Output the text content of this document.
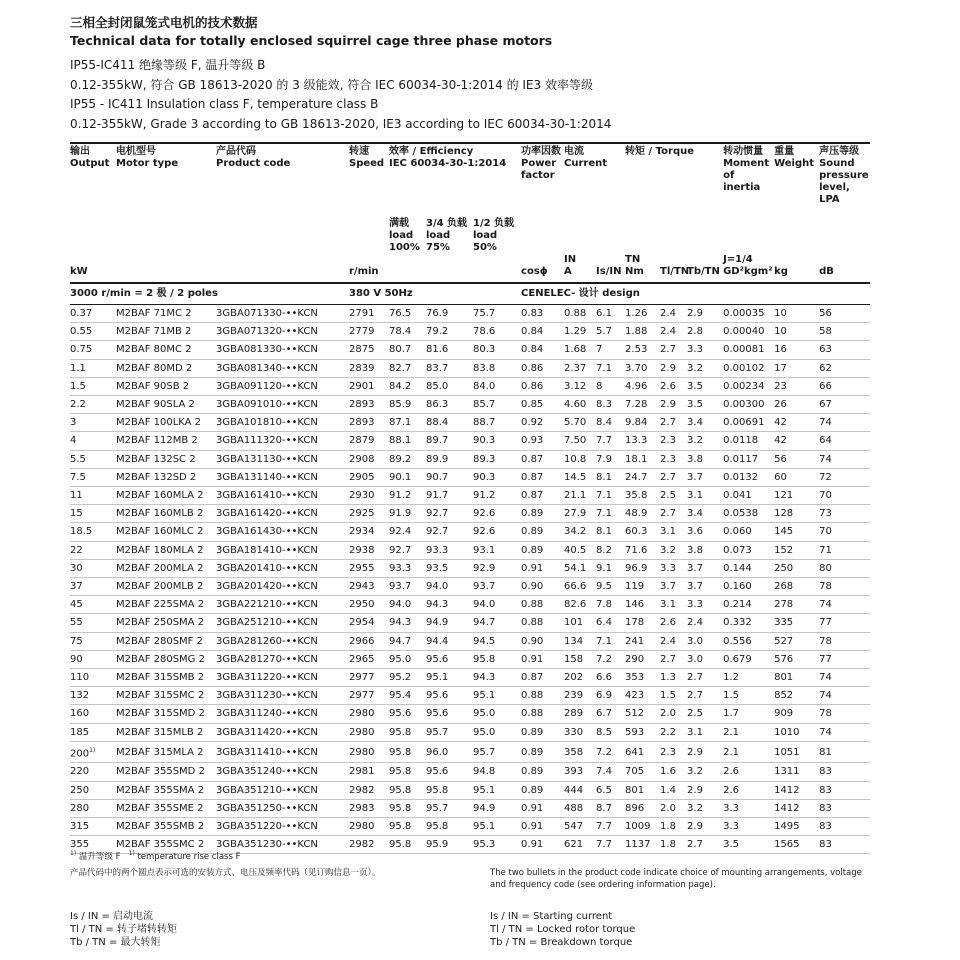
三相全封闭鼠笼式电机的技术数据

Technical data for totally enclosed squirrel cage three phase motors

IP55-IC411 绝缘等级 F, 温升等级 B

0.12-355kW, 符合 GB 18613-2020 的 3 级能效, 符合 IEC 60034-30-1:2014 的 IE3 效率等级

IP55 - IC411 Insulation class F, temperature class B

0.12-355kW, Grade 3 according to GB 18613-2020, IE3 according to IEC 60034-30-1:2014

输出
Output	电机型号
Motor type	产品代码
Product code	转速
Speed	效率 / Efficiency
IEC 60034-30-1:2014			功率因数
Power factor	电流
Current		转矩 / Torque			转动惯量
Moment of inertia	重量
Weight	声压等级
Sound pressure level, LPA
				满载 load 100%	3/4 负载 load 75%	1/2 负载 load 50%									
kW			r/min				cosϕ	IN
A	Is/IN	TN
Nm	Tl/TN	Tb/TN	J=1/4 GD²kgm²	kg	dB
3000 r/min = 2 极 / 2 poles			380 V 50Hz				CENELEC- 设计 design								
0.37	M2BAF 71MC 2	3GBA071330-••KCN	2791	76.5	76.9	75.7	0.83	0.88	6.1	1.26	2.4	2.9	0.00035	10	56
0.55	M2BAF 71MB 2	3GBA071320-••KCN	2779	78.4	79.2	78.6	0.84	1.29	5.7	1.88	2.4	2.8	0.00040	10	58
0.75	M2BAF 80MC 2	3GBA081330-••KCN	2875	80.7	81.6	80.3	0.84	1.68	7	2.53	2.7	3.3	0.00081	16	63
1.1	M2BAF 80MD 2	3GBA081340-••KCN	2839	82.7	83.7	83.8	0.86	2.37	7.1	3.70	2.9	3.2	0.00102	17	62
1.5	M2BAF 90SB 2	3GBA091120-••KCN	2901	84.2	85.0	84.0	0.86	3.12	8	4.96	2.6	3.5	0.00234	23	66
2.2	M2BAF 90SLA 2	3GBA091010-••KCN	2893	85.9	86.3	85.7	0.85	4.60	8.3	7.28	2.9	3.5	0.00300	26	67
3	M2BAF 100LKA 2	3GBA101810-••KCN	2893	87.1	88.4	88.7	0.92	5.70	8.4	9.84	2.7	3.4	0.00691	42	74
4	M2BAF 112MB 2	3GBA111320-••KCN	2879	88.1	89.7	90.3	0.93	7.50	7.7	13.3	2.3	3.2	0.0118	42	64
5.5	M2BAF 132SC 2	3GBA131130-••KCN	2908	89.2	89.9	89.3	0.87	10.8	7.9	18.1	2.3	3.8	0.0117	56	74
7.5	M2BAF 132SD 2	3GBA131140-••KCN	2905	90.1	90.7	90.3	0.87	14.5	8.1	24.7	2.7	3.7	0.0132	60	72
11	M2BAF 160MLA 2	3GBA161410-••KCN	2930	91.2	91.7	91.2	0.87	21.1	7.1	35.8	2.5	3.1	0.041	121	70
15	M2BAF 160MLB 2	3GBA161420-••KCN	2925	91.9	92.7	92.6	0.89	27.9	7.1	48.9	2.7	3.4	0.0538	128	73
18.5	M2BAF 160MLC 2	3GBA161430-••KCN	2934	92.4	92.7	92.6	0.89	34.2	8.1	60.3	3.1	3.6	0.060	145	70
22	M2BAF 180MLA 2	3GBA181410-••KCN	2938	92.7	93.3	93.1	0.89	40.5	8.2	71.6	3.2	3.8	0.073	152	71
30	M2BAF 200MLA 2	3GBA201410-••KCN	2955	93.3	93.5	92.9	0.91	54.1	9.1	96.9	3.3	3.7	0.144	250	80
37	M2BAF 200MLB 2	3GBA201420-••KCN	2943	93.7	94.0	93.7	0.90	66.6	9.5	119	3.7	3.7	0.160	268	78
45	M2BAF 225SMA 2	3GBA221210-••KCN	2950	94.0	94.3	94.0	0.88	82.6	7.8	146	3.1	3.3	0.214	278	74
55	M2BAF 250SMA 2	3GBA251210-••KCN	2954	94.3	94.9	94.7	0.88	101	6.4	178	2.6	2.4	0.332	335	77
75	M2BAF 280SMF 2	3GBA281260-••KCN	2966	94.7	94.4	94.5	0.90	134	7.1	241	2.4	3.0	0.556	527	78
90	M2BAF 280SMG 2	3GBA281270-••KCN	2965	95.0	95.6	95.8	0.91	158	7.2	290	2.7	3.0	0.679	576	77
110	M2BAF 315SMB 2	3GBA311220-••KCN	2977	95.2	95.1	94.3	0.87	202	6.6	353	1.3	2.7	1.2	801	74
132	M2BAF 315SMC 2	3GBA311230-••KCN	2977	95.4	95.6	95.1	0.88	239	6.9	423	1.5	2.7	1.5	852	74
160	M2BAF 315SMD 2	3GBA311240-••KCN	2980	95.6	95.6	95.0	0.88	289	6.7	512	2.0	2.5	1.7	909	78
185	M2BAF 315MLB 2	3GBA311420-••KCN	2980	95.8	95.7	95.0	0.89	330	8.5	593	2.2	3.1	2.1	1010	74
200$^{1)}$	M2BAF 315MLA 2	3GBA311410-••KCN	2980	95.8	96.0	95.7	0.89	358	7.2	641	2.3	2.9	2.1	1051	81
220	M2BAF 355SMD 2	3GBA351240-••KCN	2981	95.8	95.6	94.8	0.89	393	7.4	705	1.6	3.2	2.6	1311	83
250	M2BAF 355SMA 2	3GBA351210-••KCN	2982	95.8	95.8	95.1	0.89	444	6.5	801	1.4	2.9	2.6	1412	83
280	M2BAF 355SME 2	3GBA351250-••KCN	2983	95.8	95.7	94.9	0.91	488	8.7	896	2.0	3.2	3.3	1412	83
315	M2BAF 355SMB 2	3GBA351220-••KCN	2980	95.8	95.8	95.1	0.91	547	7.7	1009	1.8	2.9	3.3	1495	83
355	M2BAF 355SMC 2	3GBA351230-••KCN	2982	95.8	95.9	95.3	0.91	621	7.7	1137	1.8	2.7	3.5	1565	83
$^{1)}$ 温升等级 F $^{1)}$ temperature rise class F
产品代码中的两个圆点表示可选的安装方式、电压及频率代码（见订购信息一页）。	The two bullets in the product code indicate choice of mounting arrangements, voltage and frequency code (see ordering information page).
Is / IN = 启动电流
Tl / TN = 转子堵转转矩
Tb / TN = 最大转矩
Is / IN = Starting current
Tl / TN = Locked rotor torque
Tb / TN = Breakdown torque
